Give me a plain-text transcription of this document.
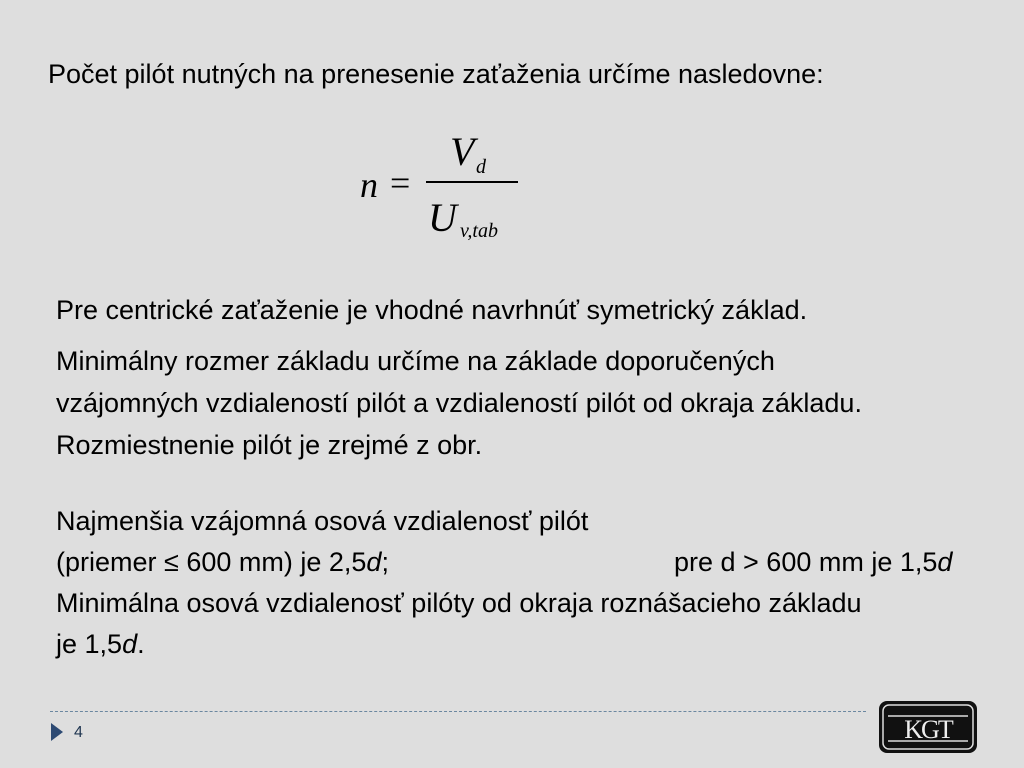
Počet pilót nutných na prenesenie zaťaženia určíme nasledovne:

n =
V d
U v,tab

Pre centrické zaťaženie je vhodné navrhnúť symetrický základ.

Minimálny rozmer základu určíme na základe doporučených

vzájomných vzdialeností pilót a vzdialeností pilót od okraja základu.

Rozmiestnenie pilót je zrejmé z obr.

Najmenšia vzájomná osová vzdialenosť pilót

(priemer ≤ 600 mm) je 2,5d;	pre d > 600 mm je 1,5d

Minimálna osová vzdialenosť pilóty od okraja roznášacieho základu

je 1,5d.

4	KGT
